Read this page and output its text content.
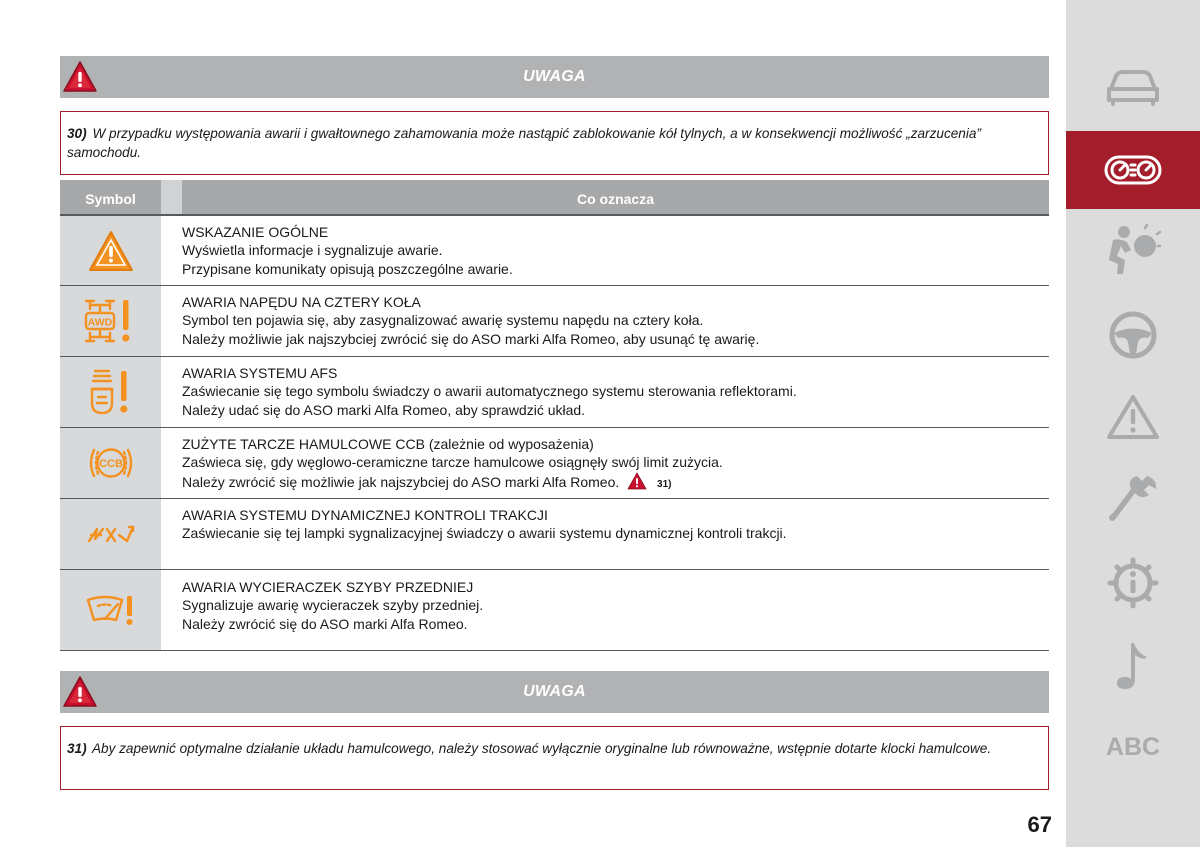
UWAGA
30) W przypadku występowania awarii i gwałtownego zahamowania może nastąpić zablokowanie kół tylnych, a w konsekwencji możliwość „zarzucenia” samochodu.
Symbol	Co oznacza
WSKAZANIE OGÓLNE
Wyświetla informacje i sygnalizuje awarie.
Przypisane komunikaty opisują poszczególne awarie.
AWD
AWARIA NAPĘDU NA CZTERY KOŁA
Symbol ten pojawia się, aby zasygnalizować awarię systemu napędu na cztery koła.
Należy możliwie jak najszybciej zwrócić się do ASO marki Alfa Romeo, aby usunąć tę awarię.
AWARIA SYSTEMU AFS
Zaświecanie się tego symbolu świadczy o awarii automatycznego systemu sterowania reflektorami.
Należy udać się do ASO marki Alfa Romeo, aby sprawdzić układ.
CCB
ZUŻYTE TARCZE HAMULCOWE CCB (zależnie od wyposażenia)
Zaświeca się, gdy węglowo-ceramiczne tarcze hamulcowe osiągnęły swój limit zużycia.
Należy zwrócić się możliwie jak najszybciej do ASO marki Alfa Romeo.	31)
AWARIA SYSTEMU DYNAMICZNEJ KONTROLI TRAKCJI
Zaświecanie się tej lampki sygnalizacyjnej świadczy o awarii systemu dynamicznej kontroli trakcji.
AWARIA WYCIERACZEK SZYBY PRZEDNIEJ
Sygnalizuje awarię wycieraczek szyby przedniej.
Należy zwrócić się do ASO marki Alfa Romeo.
UWAGA
31) Aby zapewnić optymalne działanie układu hamulcowego, należy stosować wyłącznie oryginalne lub równoważne, wstępnie dotarte klocki hamulcowe.	ABC
67
